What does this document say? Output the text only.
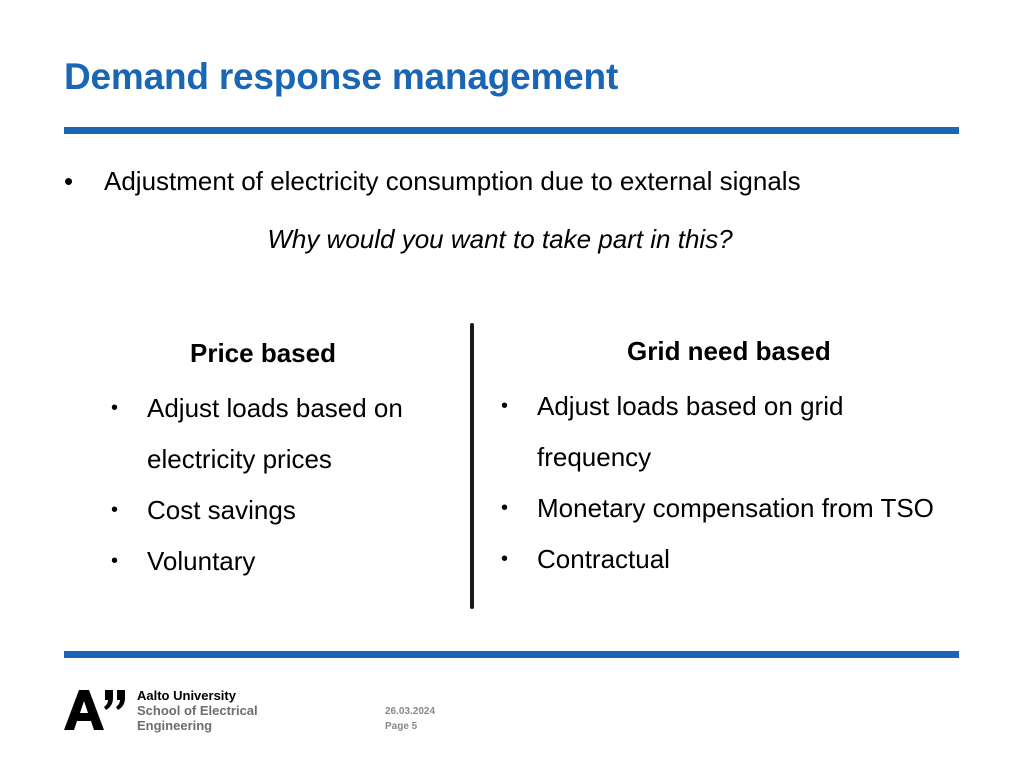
Demand response management
• Adjustment of electricity consumption due to external signals
Why would you want to take part in this?
Price based
• Adjust loads based on electricity prices
• Cost savings
• Voluntary
Grid need based
• Adjust loads based on grid frequency
• Monetary compensation from TSO
• Contractual
Aalto University
School of Electrical
Engineering
26.03.2024
Page 5
